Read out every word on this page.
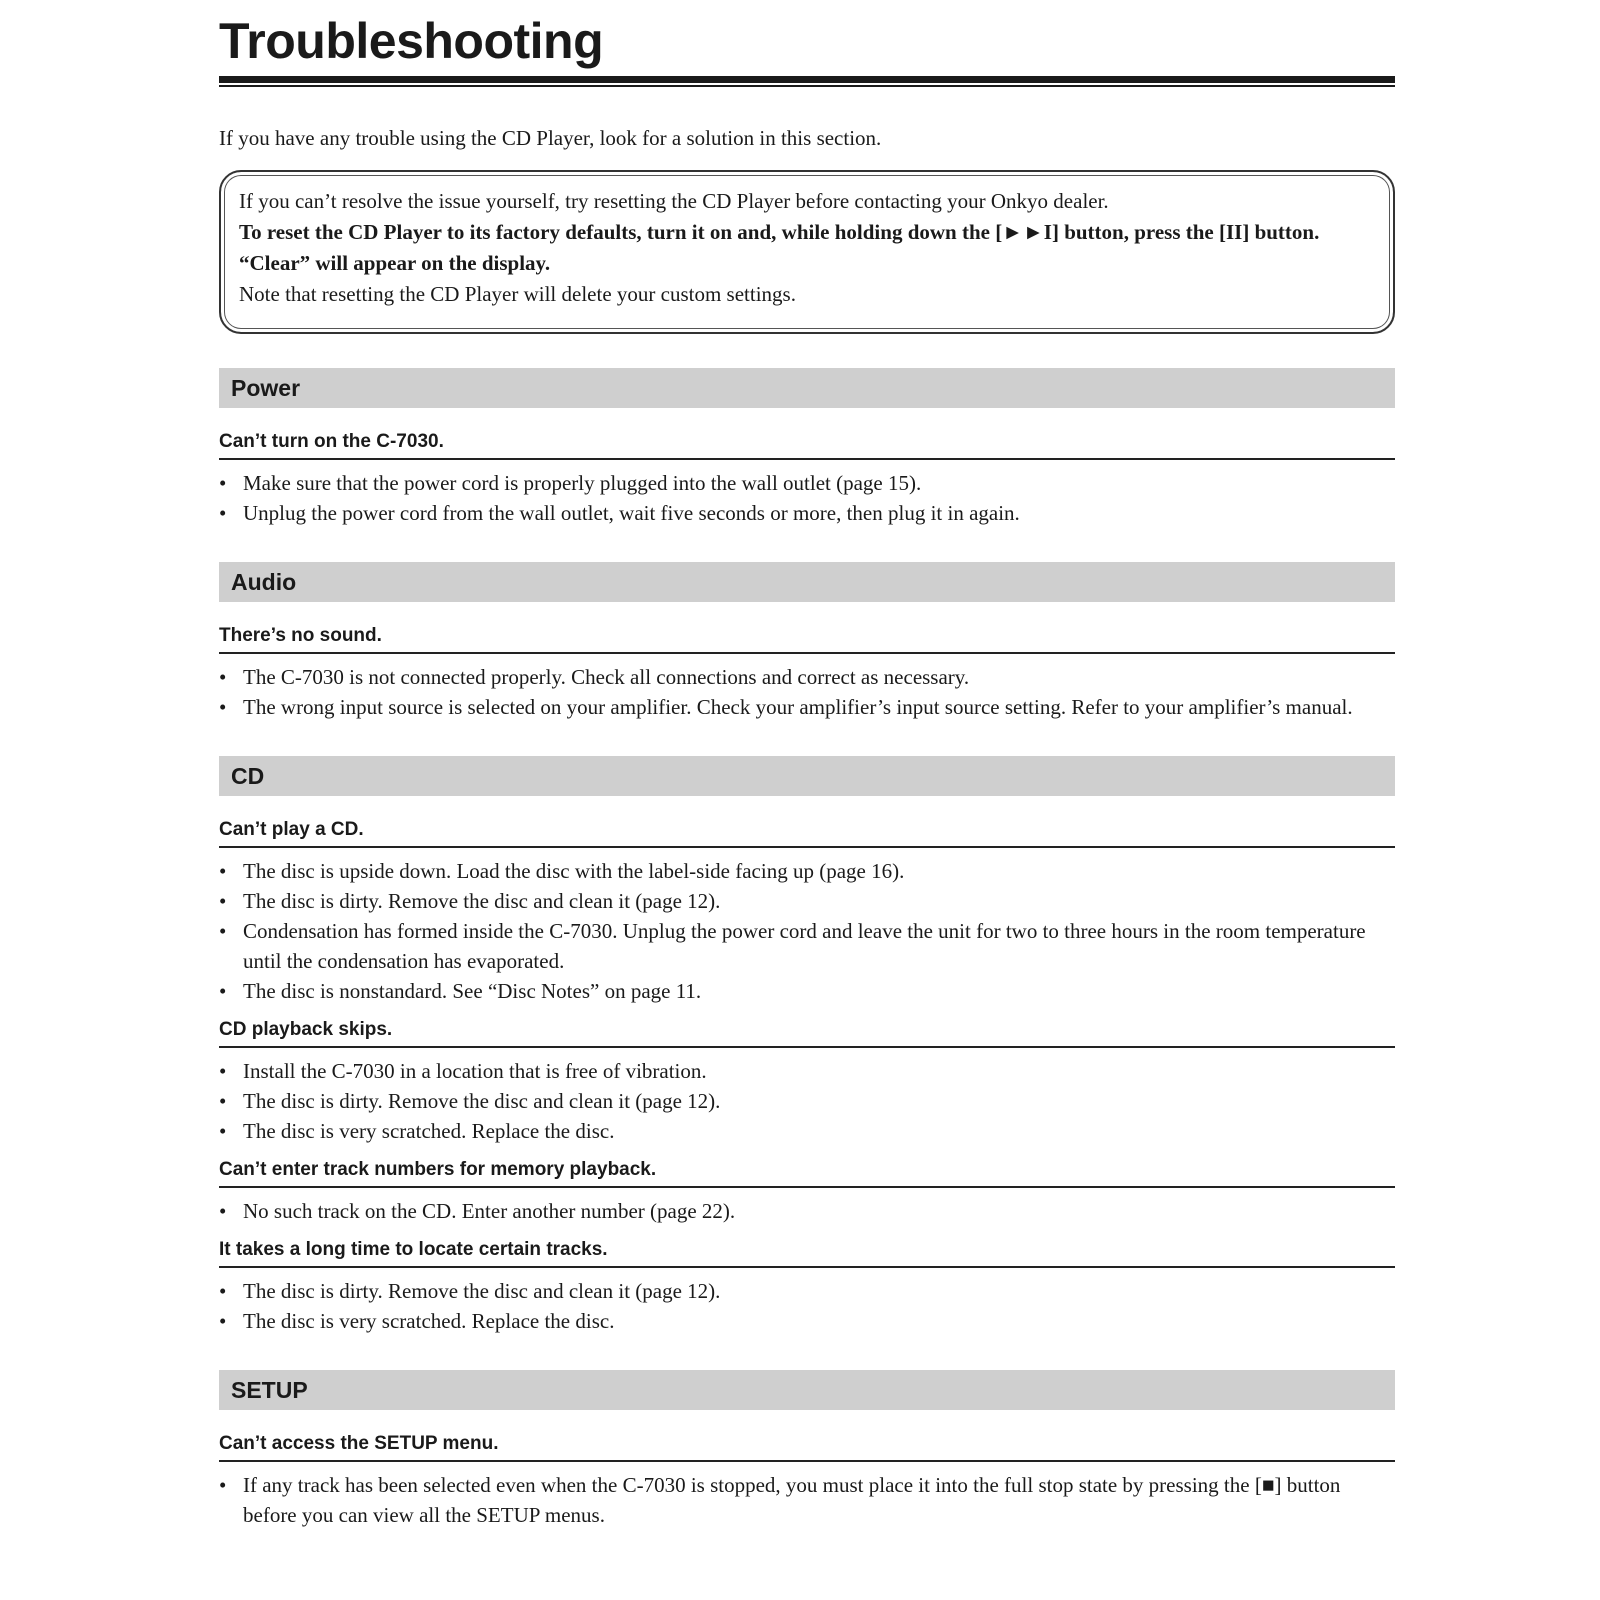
Troubleshooting

If you have any trouble using the CD Player, look for a solution in this section.

If you can’t resolve the issue yourself, try resetting the CD Player before contacting your Onkyo dealer.

To reset the CD Player to its factory defaults, turn it on and, while holding down the [►►I] button, press the [II] button. “Clear” will appear on the display.

Note that resetting the CD Player will delete your custom settings.

Power
Can’t turn on the C-7030.
• Make sure that the power cord is properly plugged into the wall outlet (page 15).
• Unplug the power cord from the wall outlet, wait five seconds or more, then plug it in again.
Audio
There’s no sound.
• The C-7030 is not connected properly. Check all connections and correct as necessary.
• The wrong input source is selected on your amplifier. Check your amplifier’s input source setting. Refer to your amplifier’s manual.
CD
Can’t play a CD.
• The disc is upside down. Load the disc with the label-side facing up (page 16).
• The disc is dirty. Remove the disc and clean it (page 12).
• Condensation has formed inside the C-7030. Unplug the power cord and leave the unit for two to three hours in the room temperature until the condensation has evaporated.
• The disc is nonstandard. See “Disc Notes” on page 11.
CD playback skips.
• Install the C-7030 in a location that is free of vibration.
• The disc is dirty. Remove the disc and clean it (page 12).
• The disc is very scratched. Replace the disc.
Can’t enter track numbers for memory playback.
• No such track on the CD. Enter another number (page 22).
It takes a long time to locate certain tracks.
• The disc is dirty. Remove the disc and clean it (page 12).
• The disc is very scratched. Replace the disc.
SETUP
Can’t access the SETUP menu.
• If any track has been selected even when the C-7030 is stopped, you must place it into the full stop state by pressing the [■] button before you can view all the SETUP menus.
